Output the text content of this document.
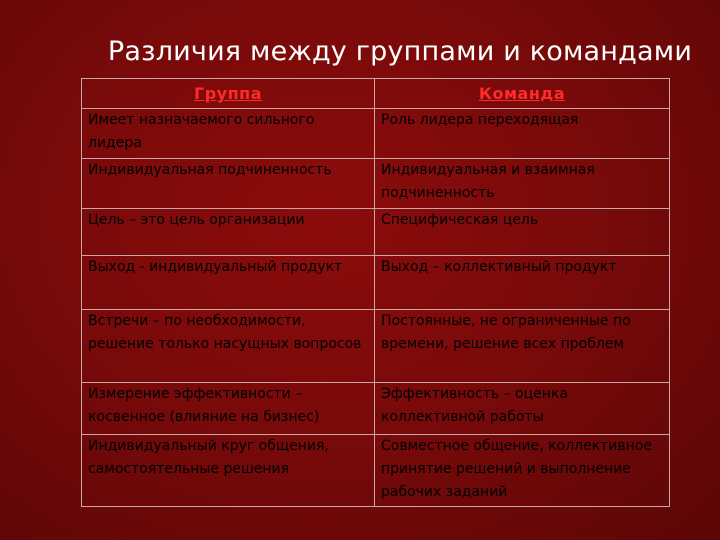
Различия между группами и командами
Группа	Команда
Имеет назначаемого сильного лидера	Роль лидера переходящая
Индивидуальная подчиненность	Индивидуальная и взаимная подчиненность
Цель – это цель организации	Специфическая цель
Выход - индивидуальный продукт	Выход – коллективный продукт
Встречи – по необходимости, решение только насущных вопросов	Постоянные, не ограниченные по времени, решение всех проблем
Измерение эффективности – косвенное (влияние на бизнес)	Эффективность – оценка коллективной работы
Индивидуальный круг общения, самостоятельные решения	Совместное общение, коллективное принятие решений и выполнение рабочих заданий
